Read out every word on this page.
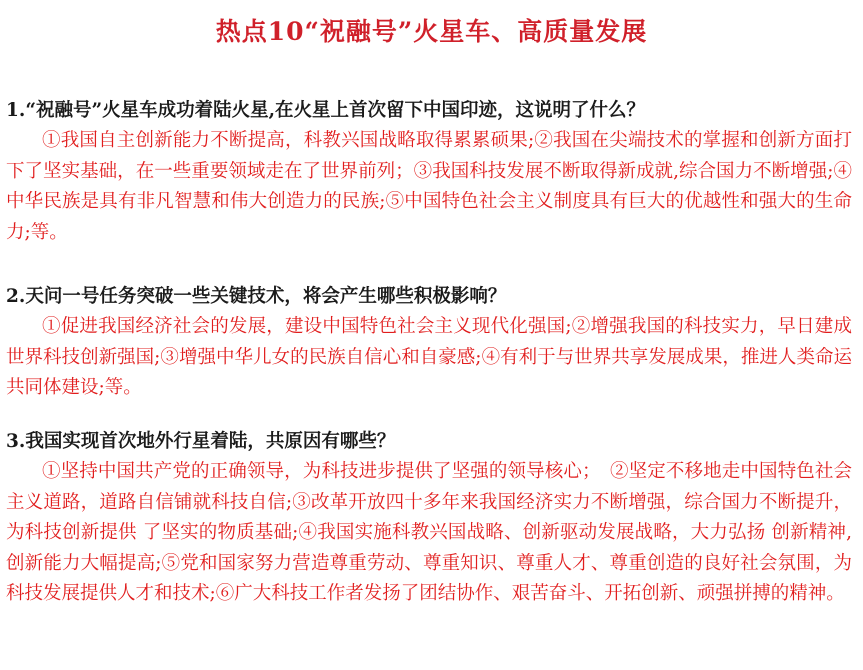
热点10“祝融号”火星车、高质量发展
1.“祝融号”火星车成功着陆火星,在火星上首次留下中国印迹，这说明了什么？

①我国自主创新能力不断提高，科教兴国战略取得累累硕果;②我国在尖端技术的掌握和创新方面打下了坚实基础，在一些重要领域走在了世界前列；③我国科技发展不断取得新成就,综合国力不断增强;④中华民族是具有非凡智慧和伟大创造力的民族;⑤中国特色社会主义制度具有巨大的优越性和强大的生命力;等。

2.天问一号任务突破一些关键技术，将会产生哪些积极影响？

①促进我国经济社会的发展，建设中国特色社会主义现代化强国;②增强我国的科技实力，早日建成世界科技创新强国;③增强中华儿女的民族自信心和自豪感;④有利于与世界共享发展成果，推进人类命运共同体建设;等。

3.我国实现首次地外行星着陆，共原因有哪些？

①坚持中国共产党的正确领导，为科技进步提供了坚强的领导核心；　②坚定不移地走中国特色社会主义道路，道路自信铺就科技自信;③改革开放四十多年来我国经济实力不断增强，综合国力不断提升，为科技创新提供 了坚实的物质基础;④我国实施科教兴国战略、创新驱动发展战略，大力弘扬 创新精神,创新能力大幅提高;⑤党和国家努力营造尊重劳动、尊重知识、尊重人才、尊重创造的良好社会氛围，为科技发展提供人才和技术;⑥广大科技工作者发扬了团结协作、艰苦奋斗、开拓创新、顽强拼搏的精神。
